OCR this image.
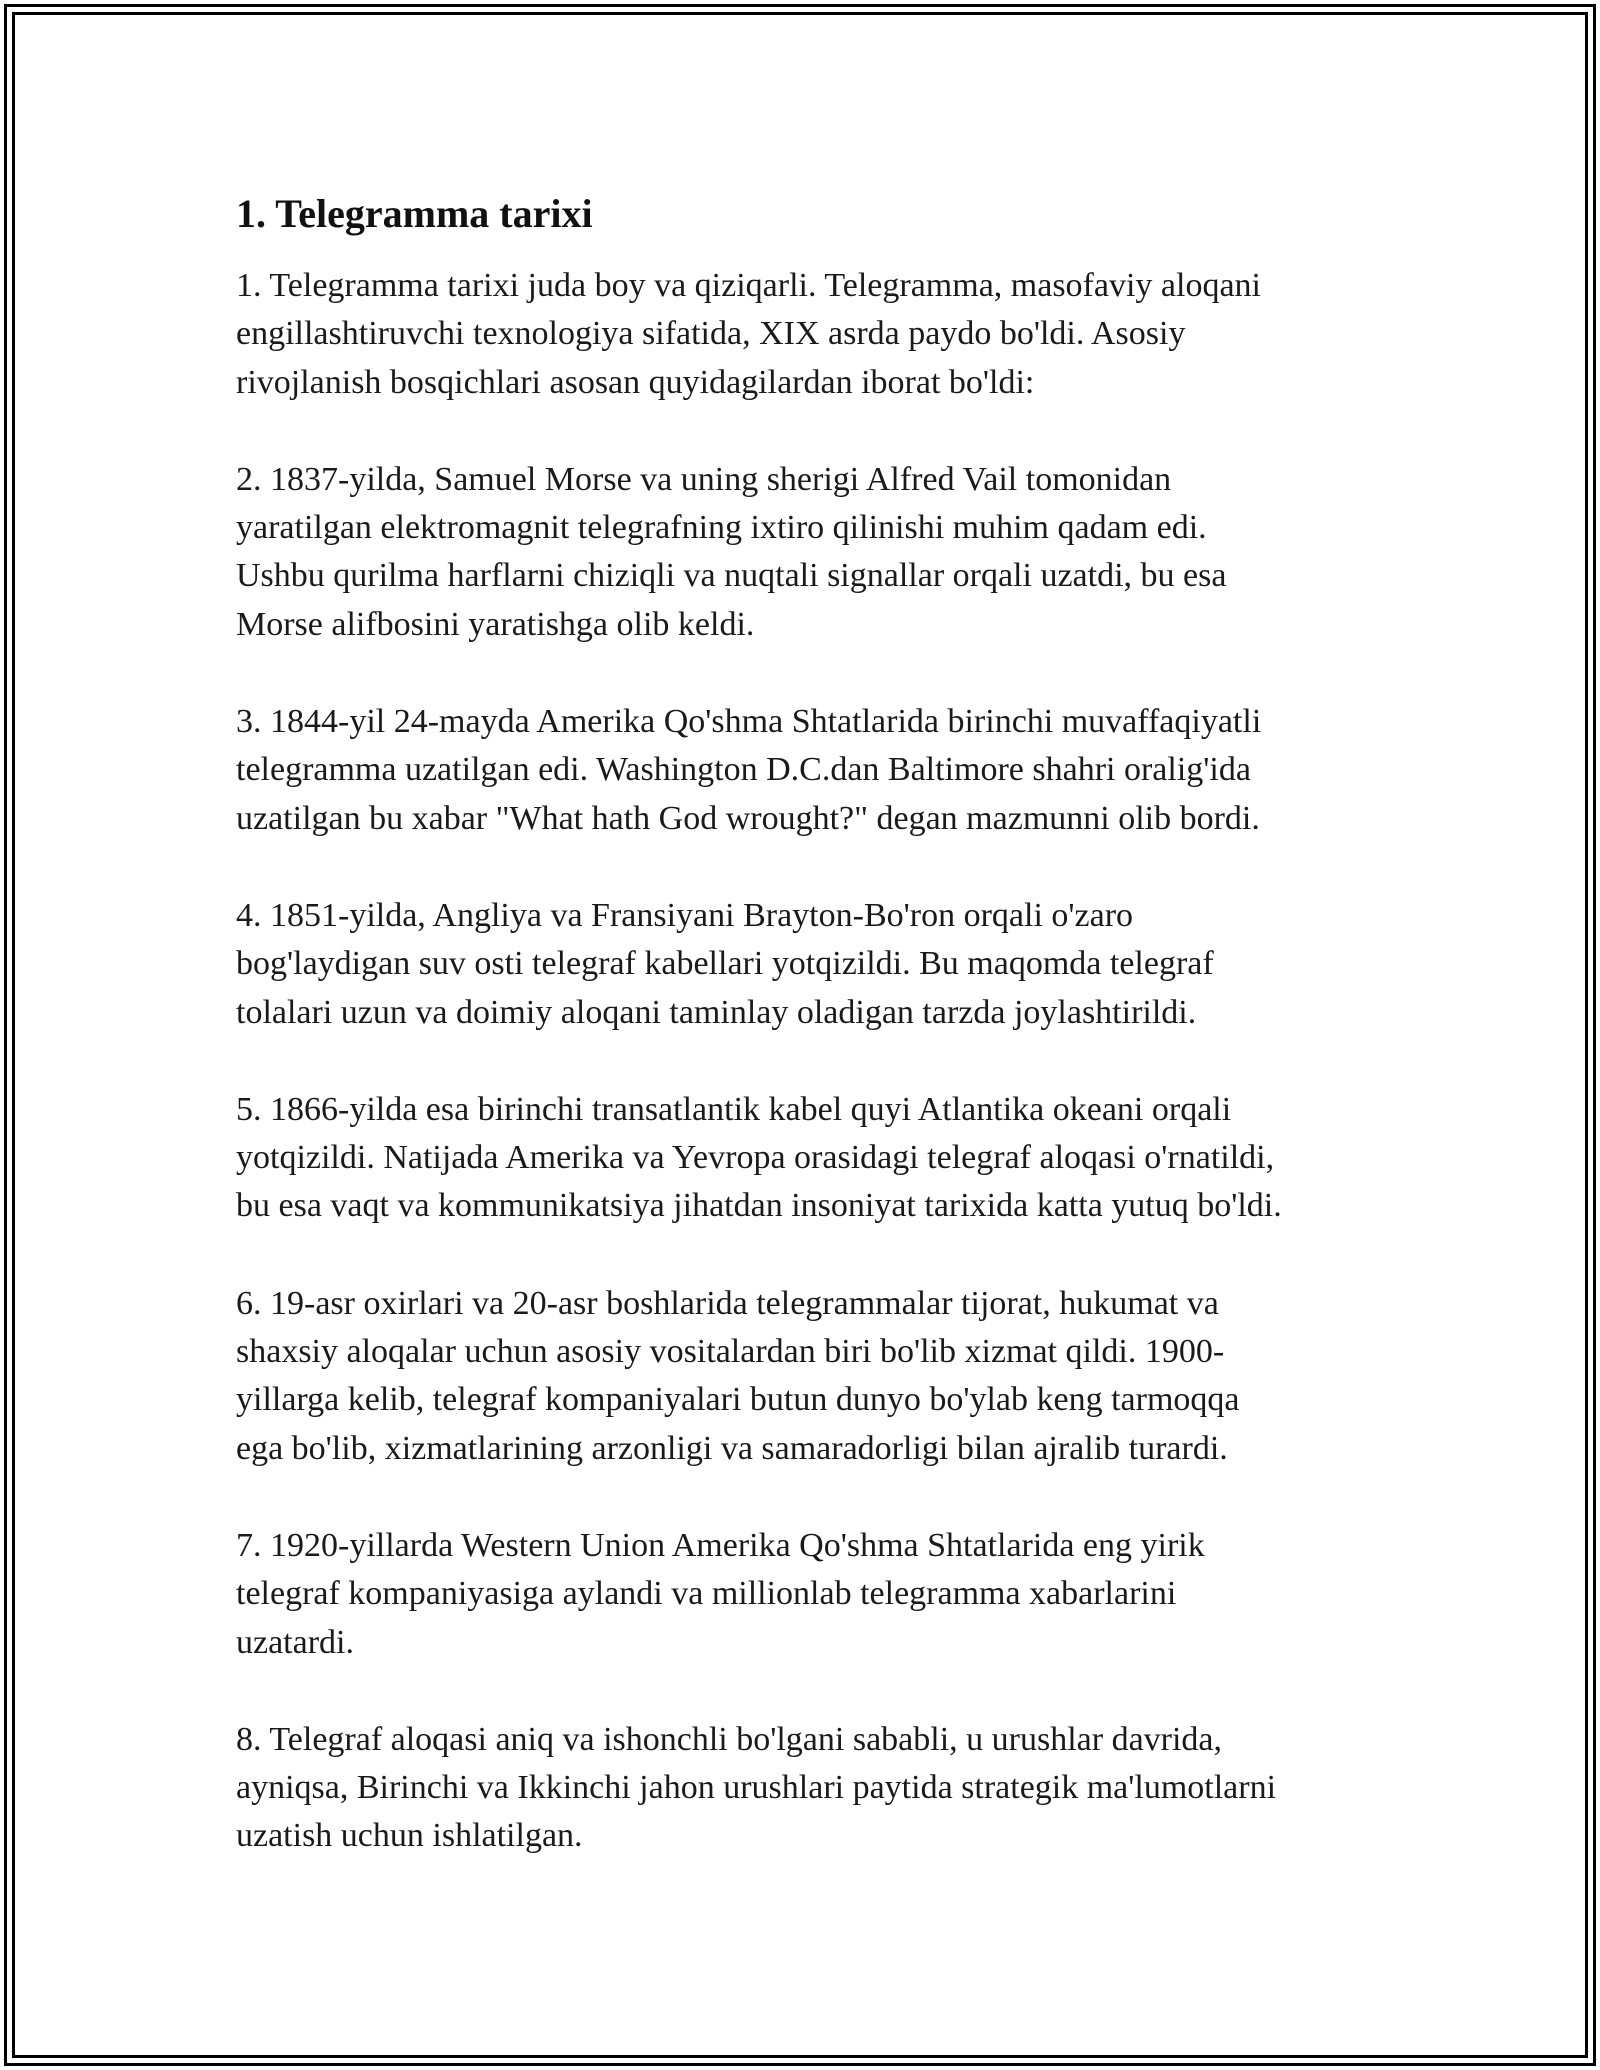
1. Telegramma tarixi

1. Telegramma tarixi juda boy va qiziqarli. Telegramma, masofaviy aloqani
engillashtiruvchi texnologiya sifatida, XIX asrda paydo bo'ldi. Asosiy
rivojlanish bosqichlari asosan quyidagilardan iborat bo'ldi:

2. 1837-yilda, Samuel Morse va uning sherigi Alfred Vail tomonidan
yaratilgan elektromagnit telegrafning ixtiro qilinishi muhim qadam edi.
Ushbu qurilma harflarni chiziqli va nuqtali signallar orqali uzatdi, bu esa
Morse alifbosini yaratishga olib keldi.

3. 1844-yil 24-mayda Amerika Qo'shma Shtatlarida birinchi muvaffaqiyatli
telegramma uzatilgan edi. Washington D.C.dan Baltimore shahri oralig'ida
uzatilgan bu xabar "What hath God wrought?" degan mazmunni olib bordi.

4. 1851-yilda, Angliya va Fransiyani Brayton-Bo'ron orqali o'zaro
bog'laydigan suv osti telegraf kabellari yotqizildi. Bu maqomda telegraf
tolalari uzun va doimiy aloqani taminlay oladigan tarzda joylashtirildi.

5. 1866-yilda esa birinchi transatlantik kabel quyi Atlantika okeani orqali
yotqizildi. Natijada Amerika va Yevropa orasidagi telegraf aloqasi o'rnatildi,
bu esa vaqt va kommunikatsiya jihatdan insoniyat tarixida katta yutuq bo'ldi.

6. 19-asr oxirlari va 20-asr boshlarida telegrammalar tijorat, hukumat va
shaxsiy aloqalar uchun asosiy vositalardan biri bo'lib xizmat qildi. 1900-
yillarga kelib, telegraf kompaniyalari butun dunyo bo'ylab keng tarmoqqa
ega bo'lib, xizmatlarining arzonligi va samaradorligi bilan ajralib turardi.

7. 1920-yillarda Western Union Amerika Qo'shma Shtatlarida eng yirik
telegraf kompaniyasiga aylandi va millionlab telegramma xabarlarini
uzatardi.

8. Telegraf aloqasi aniq va ishonchli bo'lgani sababli, u urushlar davrida,
ayniqsa, Birinchi va Ikkinchi jahon urushlari paytida strategik ma'lumotlarni
uzatish uchun ishlatilgan.
